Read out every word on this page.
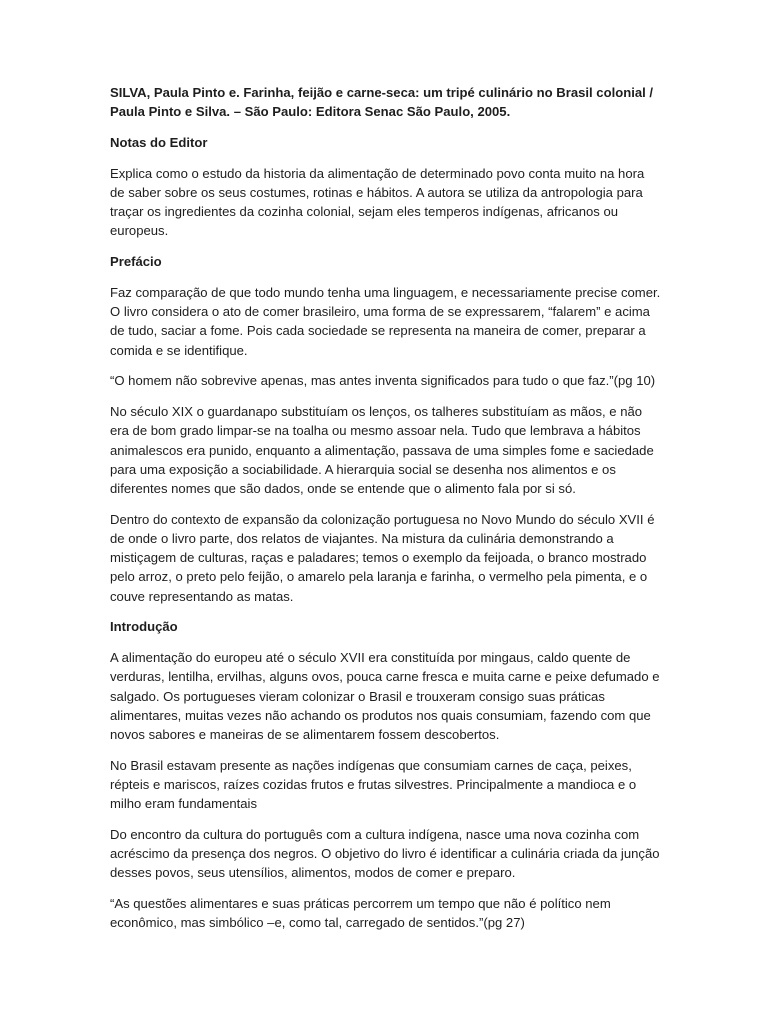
SILVA, Paula Pinto e. Farinha, feijão e carne-seca: um tripé culinário no Brasil colonial / Paula Pinto e Silva. – São Paulo: Editora Senac São Paulo, 2005.

Notas do Editor

Explica como o estudo da historia da alimentação de determinado povo conta muito na hora de saber sobre os seus costumes, rotinas e hábitos. A autora se utiliza da antropologia para traçar os ingredientes da cozinha colonial, sejam eles temperos indígenas, africanos ou europeus.

Prefácio

Faz comparação de que todo mundo tenha uma linguagem, e necessariamente precise comer. O livro considera o ato de comer brasileiro, uma forma de se expressarem, “falarem” e acima de tudo, saciar a fome. Pois cada sociedade se representa na maneira de comer, preparar a comida e se identifique.

“O homem não sobrevive apenas, mas antes inventa significados para tudo o que faz.”(pg 10)

No século XIX o guardanapo substituíam os lenços, os talheres substituíam as mãos, e não era de bom grado limpar-se na toalha ou mesmo assoar nela. Tudo que lembrava a hábitos animalescos era punido, enquanto a alimentação, passava de uma simples fome e saciedade para uma exposição a sociabilidade. A hierarquia social se desenha nos alimentos e os diferentes nomes que são dados, onde se entende que o alimento fala por si só.

Dentro do contexto de expansão da colonização portuguesa no Novo Mundo do século XVII é de onde o livro parte, dos relatos de viajantes. Na mistura da culinária demonstrando a mistiçagem de culturas, raças e paladares; temos o exemplo da feijoada, o branco mostrado pelo arroz, o preto pelo feijão, o amarelo pela laranja e farinha, o vermelho pela pimenta, e o couve representando as matas.

Introdução

A alimentação do europeu até o século XVII era constituída por mingaus, caldo quente de verduras, lentilha, ervilhas, alguns ovos, pouca carne fresca e muita carne e peixe defumado e salgado. Os portugueses vieram colonizar o Brasil e trouxeram consigo suas práticas alimentares, muitas vezes não achando os produtos nos quais consumiam, fazendo com que novos sabores e maneiras de se alimentarem fossem descobertos.

No Brasil estavam presente as nações indígenas que consumiam carnes de caça, peixes, répteis e mariscos, raízes cozidas frutos e frutas silvestres. Principalmente a mandioca e o milho eram fundamentais

Do encontro da cultura do português com a cultura indígena, nasce uma nova cozinha com acréscimo da presença dos negros. O objetivo do livro é identificar a culinária criada da junção desses povos, seus utensílios, alimentos, modos de comer e preparo.

“As questões alimentares e suas práticas percorrem um tempo que não é político nem econômico, mas simbólico –e, como tal, carregado de sentidos.”(pg 27)
